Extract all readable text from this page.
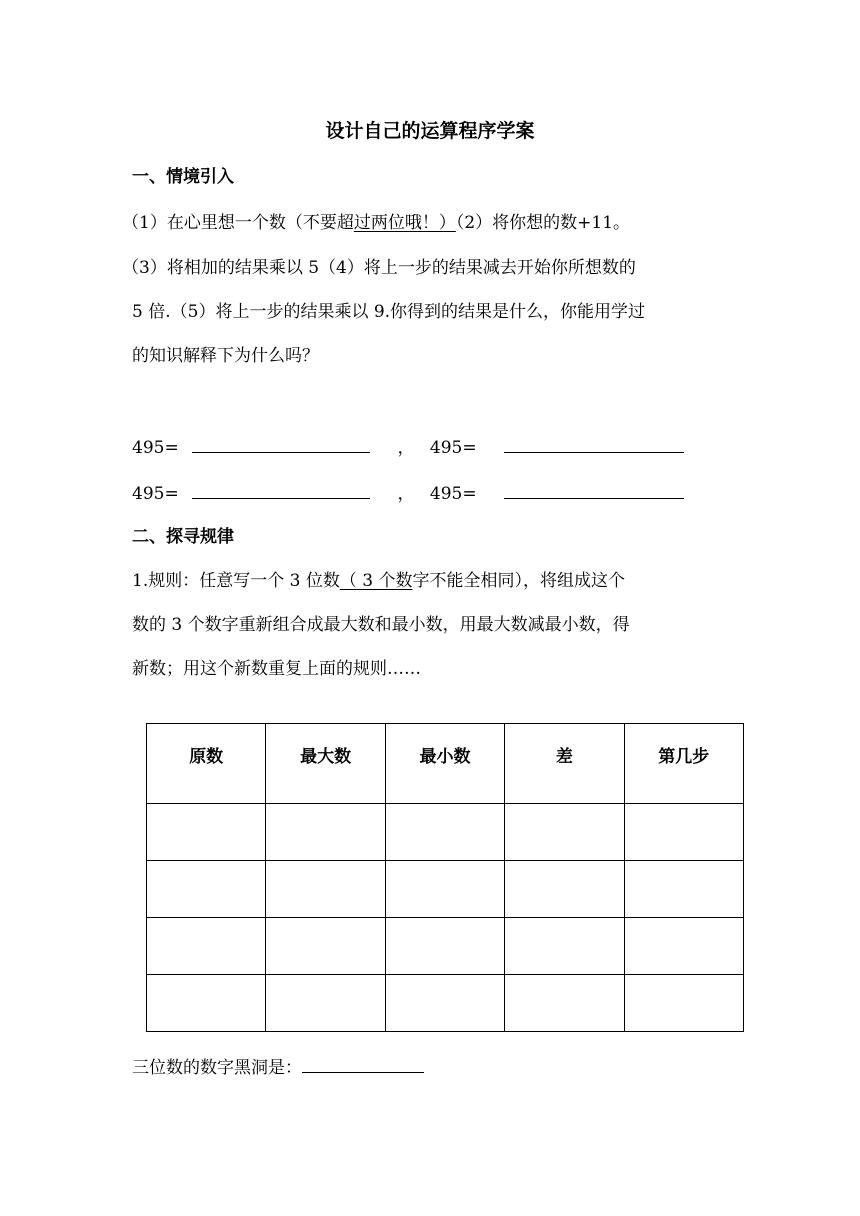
设计自己的运算程序学案
一、情境引入
（1）在心里想一个数（不要超过两位哦！）（2）将你想的数+11。
（3）将相加的结果乘以 5（4）将上一步的结果减去开始你所想数的
5 倍.（5）将上一步的结果乘以 9.你得到的结果是什么，你能用学过
的知识解释下为什么吗？
495=	， 495=
495=	， 495=
二、探寻规律
1.规则：任意写一个 3 位数（ 3 个数字不能全相同），将组成这个
数的 3 个数字重新组合成最大数和最小数，用最大数减最小数，得
新数；用这个新数重复上面的规则……
原数	最大数	最小数	差	第几步

三位数的数字黑洞是：
